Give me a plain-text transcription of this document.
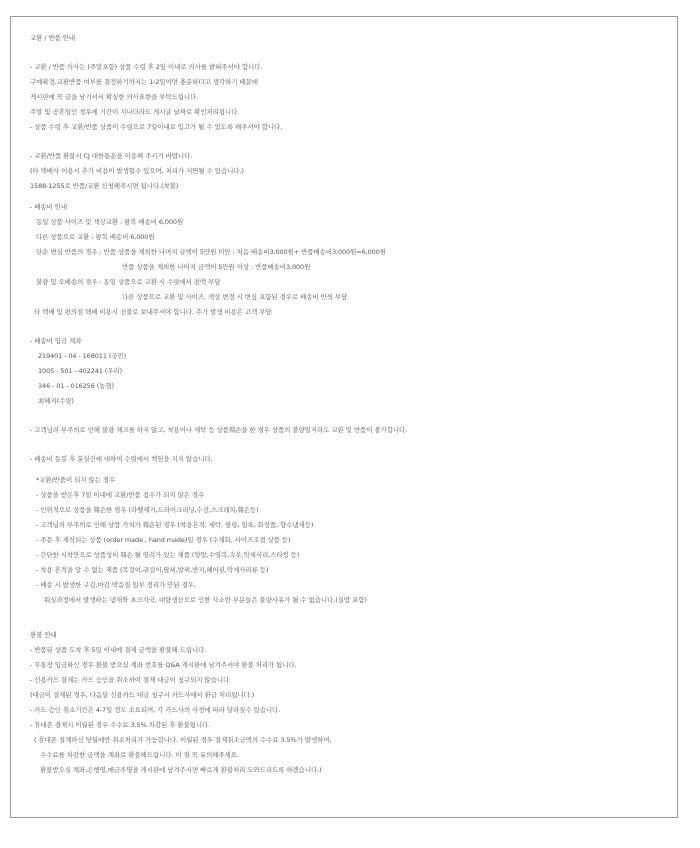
교환 / 반품 안내
- 교환 / 반품 의사는 (주말포함) 상품 수령 후 2일 이내로 의사를 밝혀주셔야 합니다.
구매확정,교환반품 여부를 결정하기까지는 1-2일이면 충분하다고 생각하기 때문에
게시판에 꼭 글을 남기셔서 확실한 의사표현을 부탁드립니다.
주말 및 공휴일인 경우에 기간이 지나더라도 게시글 날짜로 확인처리됩니다.
- 상품 수령 후 교환/반품 상품이 수릿으로 7일이내로 입고가 될 수 있도록 해주셔야 합니다.
- 교환/반품 환불시 CJ 대한통운을 이용해 주시기 바랍니다.
(타 택배사 이용시 추가 비용이 발생할수 있으며, 처리가 지연될 수 있습니다.)
1588-1255로 반품/교환 신청해주시면 됩니다.(착불)
- 배송비 안내
동일 상품 사이즈 및 색상교환 : 왕복 배송비 6,000원
다른 상품으로 교환 : 왕복 배송비 6,000원
단순 변심 반품의 경우 : 반품 상품을 제외한 나머지 금액이 5만원 미만 : 처음 배송비3,000원+ 반품배송비3,000원=6,000원
반품 상품을 제외한 나머지 금액이 5만원 이상 : 반품배송비3,000원
불량 및 오배송의 경우 : 동일 상품으로 교환 시 수릿에서 전액 부담
다른 상품으로 교환 및 사이즈, 색상 변경 시 변심 포함된 경우로 배송비 반씩 부담
타 택배 및 편의점 택배 비용시 선불로 보내주셔야 합니다. 추가 발생 비용은 고객 부담
- 배송비 입금 계좌
219401 - 04 - 168011 (국민)
1005 - 501 - 402241 (우리)
346 - 01 - 016256 (농협)
최혜지(수릿)
- 고객님의 부주의로 인해 불량 체크를 하지 않고, 착용이나 세탁 등 상품훼손을 한 경우 상품의 불량일지라도 교환 및 반품이 불가합니다.
- 배송비 동봉 후 분실건에 대하여 수릿에서 책임을 지지 않습니다.
*교환/반품이 되지 않는 경우
- 상품을 받은후 7일 이내에 교환/반품 접수가 되지 않은 경우
- 인위적으로 상품을 훼손한 경우 (라벨제거,드라이크리닝,수선,스크래치,훼손등)
- 고객님의 부주의로 인해 상품 가치가 훼손된 경우 (착용흔적, 세탁, 필링, 얼룩, 화장품, 향수냄새등)
- 주문 후 제작되는 상품 (order made , hand made)일 경우 (수제화, 사이즈조절 상품 등)
- 간단한 시착만으로 상품성이 훼손 될 염려가 있는 제품 (양말,수영복,속옷,악세사리,스타킹 등)
- 착용 흔적을 알 수 없는 제품 (목걸이,귀걸이,팔찌,발찌,반지,헤어핀,악세사리류 등)
- 배송 시 발생한 구김,마감 박음질 일부 정리가 안된 경우,
워싱과정에서 발생하는 냄새와 초크자국, 대량생산으로 인한 사소한 부분들은 불량사유가 될 수 없습니다.(실밥 포함)
환불 안내
- 반품된 상품 도착 후 5일 이내에 결제 금액을 환불해 드립니다.
- 무통장 입금하신 경우 환불 받으실 계좌 번호를 Q&A 게시판에 남겨주셔야 환불 처리가 됩니다.
- 신용카드 결제는 카드 승인을 취소하여 결제 대금이 청구되지 않습니다.
(대금이 결제된 경우, 다음달 신용카드 대금 청구시 카드사에서 환급 처리됩니다.)
- 카드 승인 취소기간은 4-7일 정도 소요되며, 각 카드사의 사정에 따라 달라질수 있습니다.
- 휴대폰 결제시 이월된 경우 수수료 3.5% 차감된 후 환불됩니다.
( 휴대폰 결제하신 당월에만 취소처리가 가능합니다. 이월된 경우 결제취소금액의 수수료 3.5%가 발생하며,
수수료를 차감한 금액을 계좌로 환불해드립니다. 이 점 꼭 유의해주세요.
환불받으실 계좌,은행명,예금주명을 게시판에 남겨주시면 빠르게 환불처리 도와드리도록 하겠습니다.)
